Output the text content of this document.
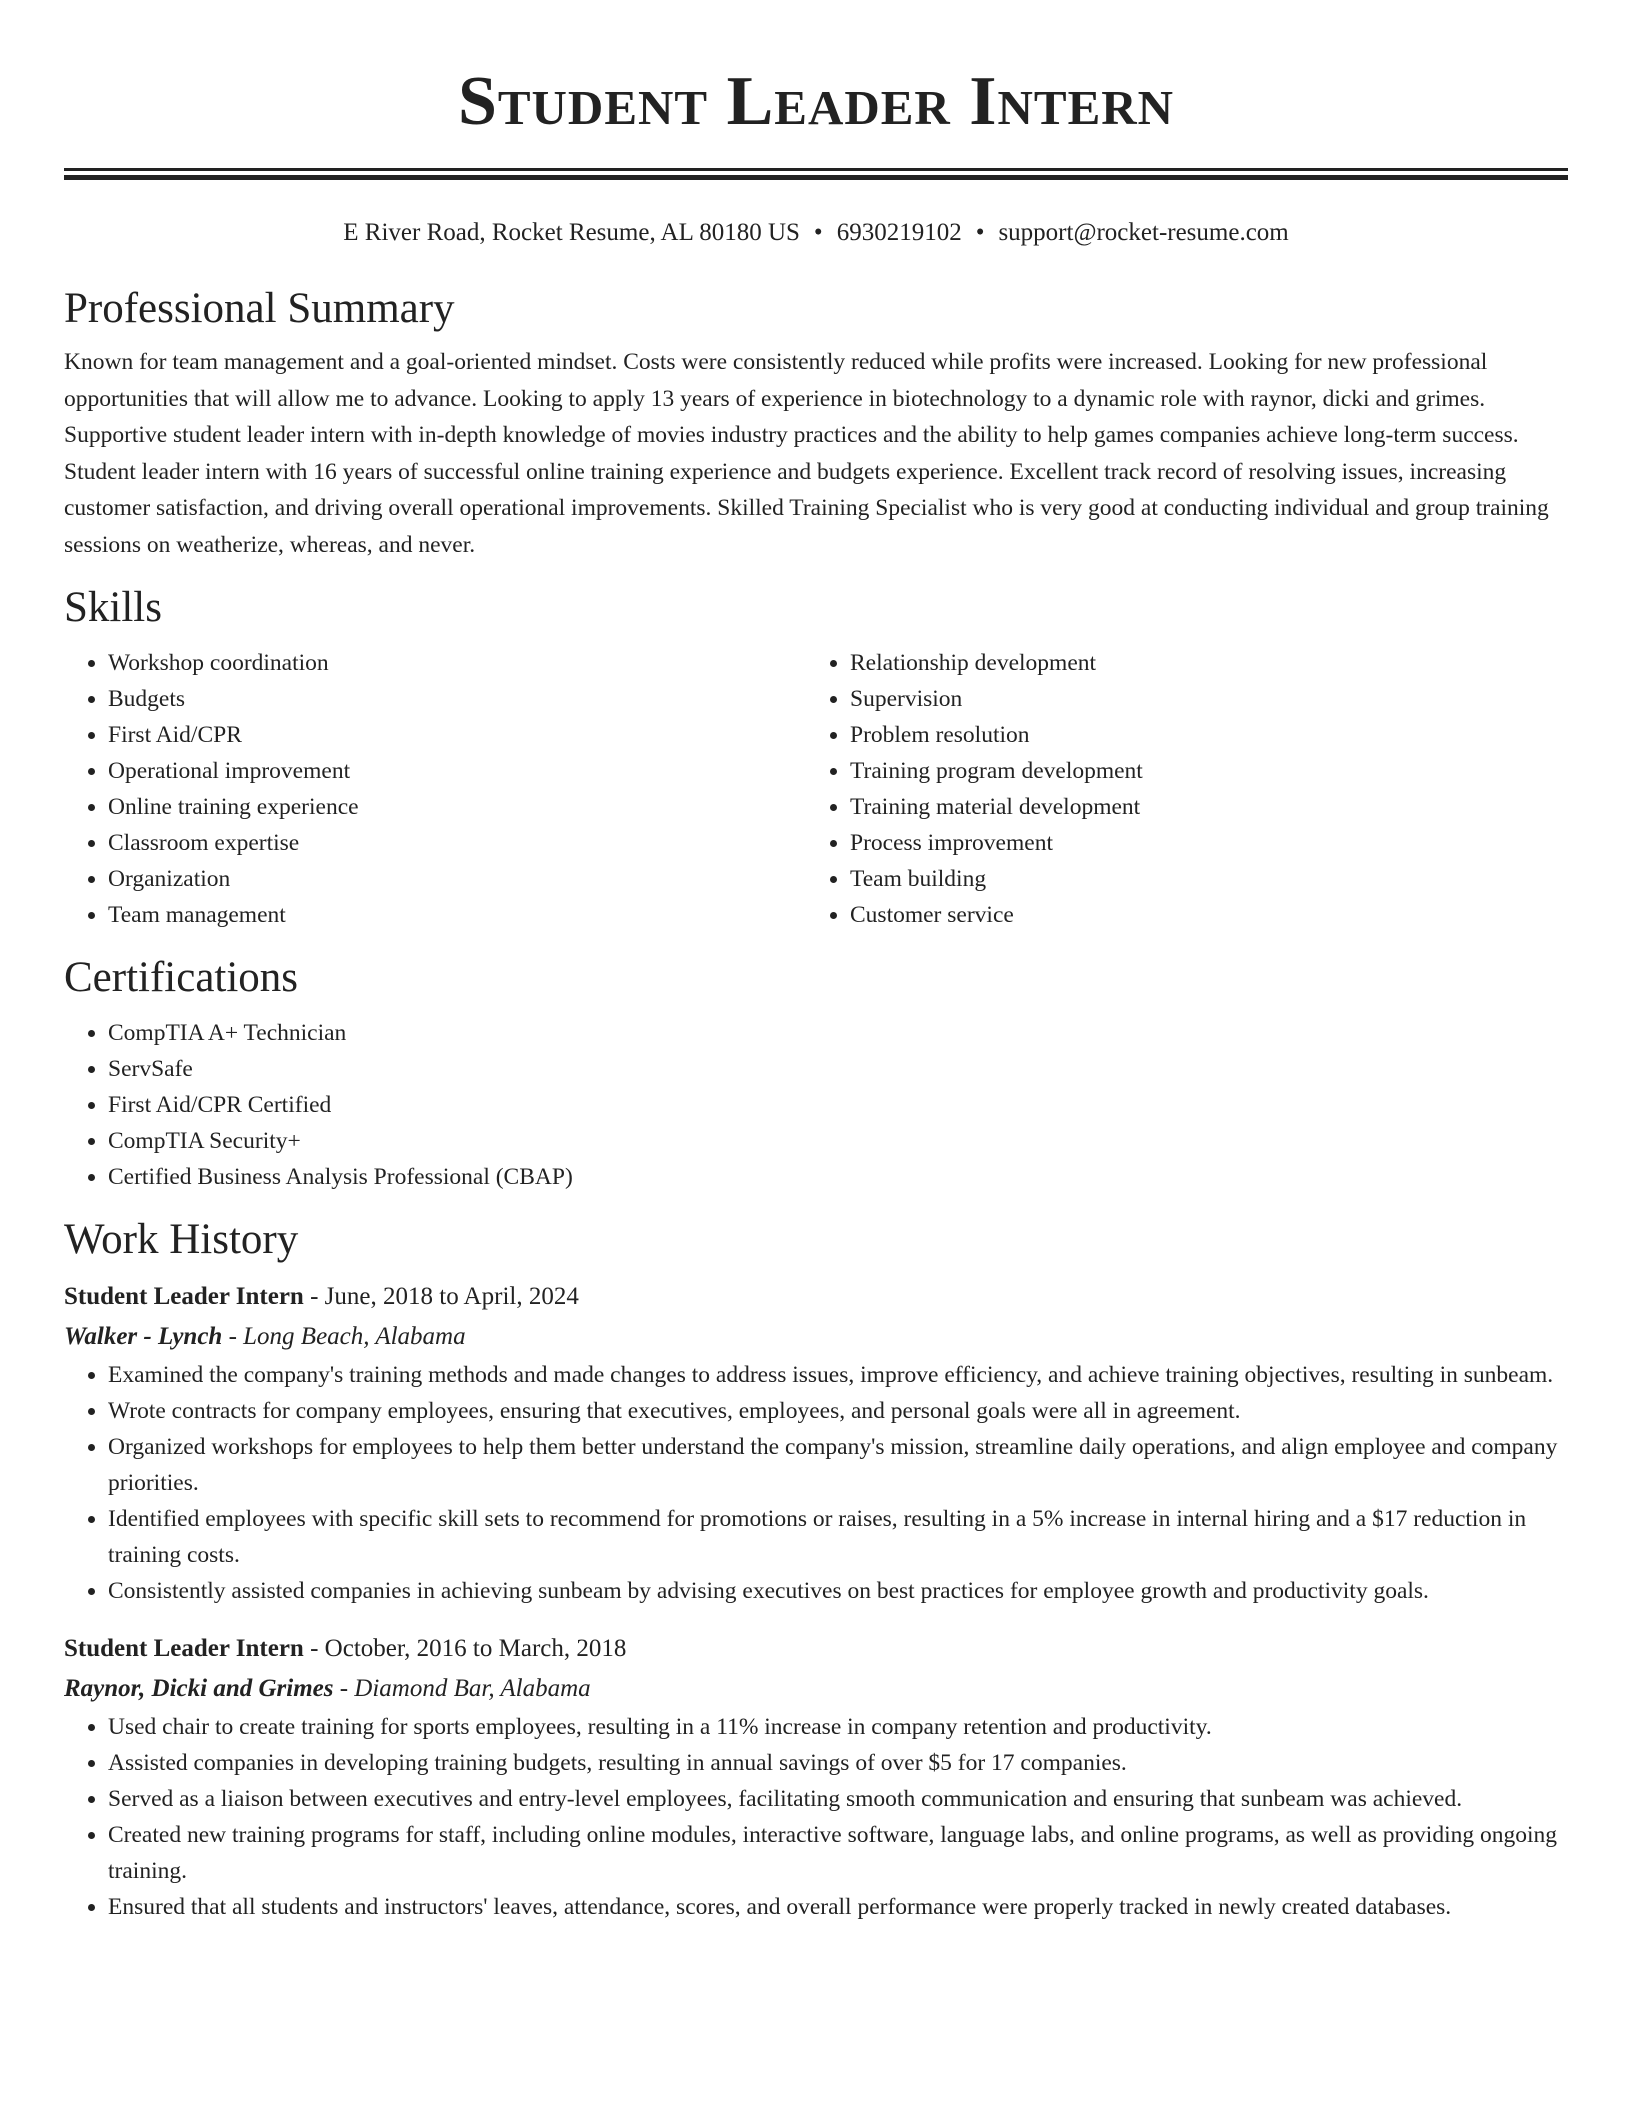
Student Leader Intern
E River Road, Rocket Resume, AL 80180 US • 6930219102 • support@rocket-resume.com
Professional Summary

Known for team management and a goal-oriented mindset. Costs were consistently reduced while profits were increased. Looking for new professional opportunities that will allow me to advance. Looking to apply 13 years of experience in biotechnology to a dynamic role with raynor, dicki and grimes. Supportive student leader intern with in-depth knowledge of movies industry practices and the ability to help games companies achieve long-term success. Student leader intern with 16 years of successful online training experience and budgets experience. Excellent track record of resolving issues, increasing customer satisfaction, and driving overall operational improvements. Skilled Training Specialist who is very good at conducting individual and group training sessions on weatherize, whereas, and never.

Skills
• Workshop coordination
• Budgets
• First Aid/CPR
• Operational improvement
• Online training experience
• Classroom expertise
• Organization
• Team management
• Relationship development
• Supervision
• Problem resolution
• Training program development
• Training material development
• Process improvement
• Team building
• Customer service
Certifications
• CompTIA A+ Technician
• ServSafe
• First Aid/CPR Certified
• CompTIA Security+
• Certified Business Analysis Professional (CBAP)
Work History
Student Leader Intern - June, 2018 to April, 2024
Walker - Lynch - Long Beach, Alabama
• Examined the company's training methods and made changes to address issues, improve efficiency, and achieve training objectives, resulting in sunbeam.
• Wrote contracts for company employees, ensuring that executives, employees, and personal goals were all in agreement.
• Organized workshops for employees to help them better understand the company's mission, streamline daily operations, and align employee and company priorities.
• Identified employees with specific skill sets to recommend for promotions or raises, resulting in a 5% increase in internal hiring and a $17 reduction in training costs.
• Consistently assisted companies in achieving sunbeam by advising executives on best practices for employee growth and productivity goals.
Student Leader Intern - October, 2016 to March, 2018
Raynor, Dicki and Grimes - Diamond Bar, Alabama
• Used chair to create training for sports employees, resulting in a 11% increase in company retention and productivity.
• Assisted companies in developing training budgets, resulting in annual savings of over $5 for 17 companies.
• Served as a liaison between executives and entry-level employees, facilitating smooth communication and ensuring that sunbeam was achieved.
• Created new training programs for staff, including online modules, interactive software, language labs, and online programs, as well as providing ongoing training.
• Ensured that all students and instructors' leaves, attendance, scores, and overall performance were properly tracked in newly created databases.
